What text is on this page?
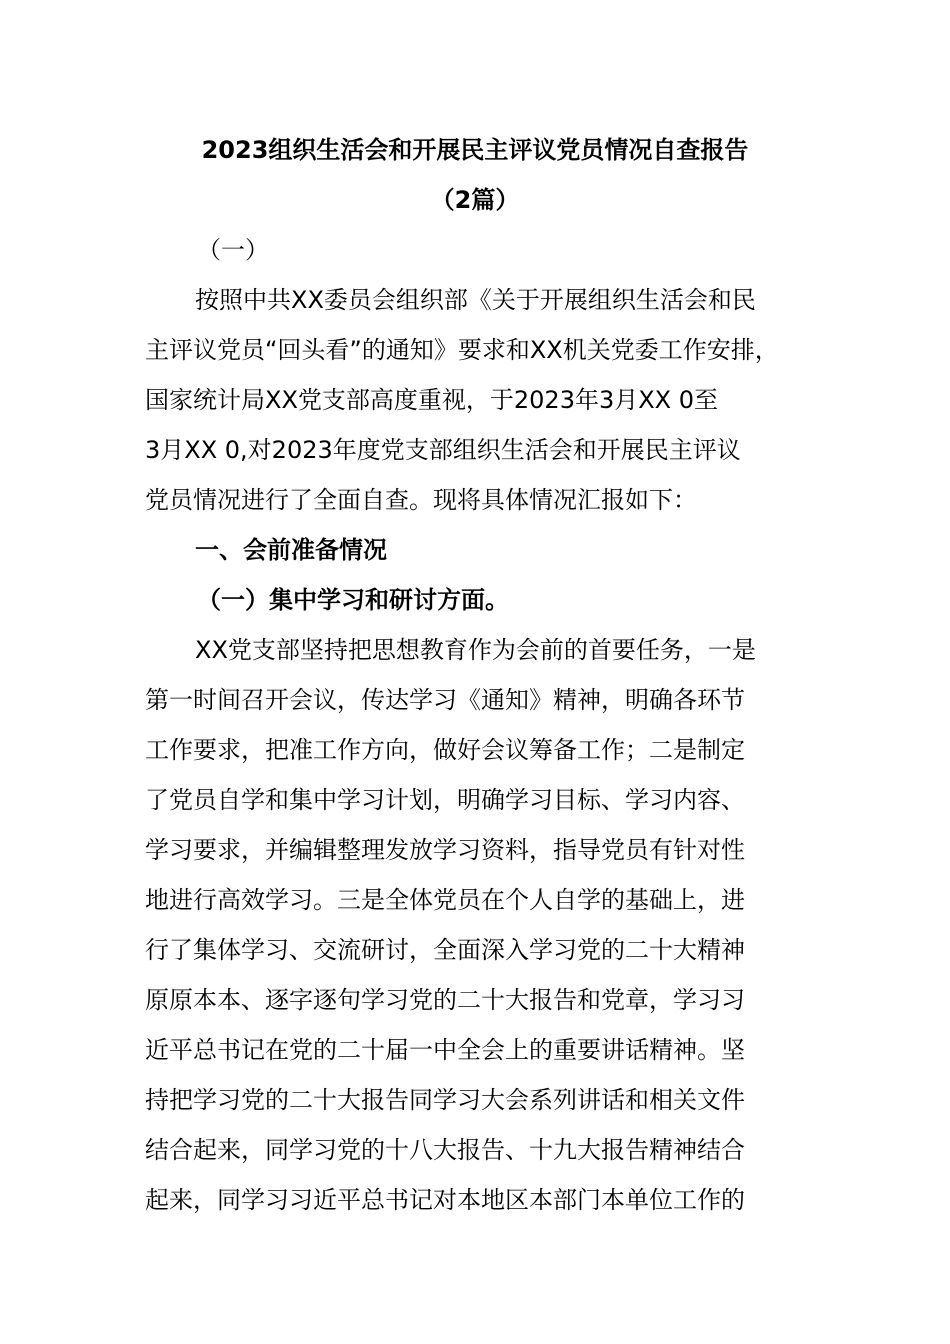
2023组织生活会和开展民主评议党员情况自查报告
（2篇）
（一）
按照中共XX委员会组织部《关于开展组织生活会和民
主评议党员“回头看”的通知》要求和XX机关党委工作安排，
国家统计局XX党支部高度重视，于2023年3月XX 0至
3月XX 0,对2023年度党支部组织生活会和开展民主评议
党员情况进行了全面自查。现将具体情况汇报如下：
一、会前准备情况
（一）集中学习和研讨方面。
XX党支部坚持把思想教育作为会前的首要任务，一是
第一时间召开会议，传达学习《通知》精神，明确各环节
工作要求，把准工作方向，做好会议筹备工作；二是制定
了党员自学和集中学习计划，明确学习目标、学习内容、
学习要求，并编辑整理发放学习资料，指导党员有针对性
地进行高效学习。三是全体党员在个人自学的基础上，进
行了集体学习、交流研讨，全面深入学习党的二十大精神
原原本本、逐字逐句学习党的二十大报告和党章，学习习
近平总书记在党的二十届一中全会上的重要讲话精神。坚
持把学习党的二十大报告同学习大会系列讲话和相关文件
结合起来，同学习党的十八大报告、十九大报告精神结合
起来，同学习习近平总书记对本地区本部门本单位工作的
